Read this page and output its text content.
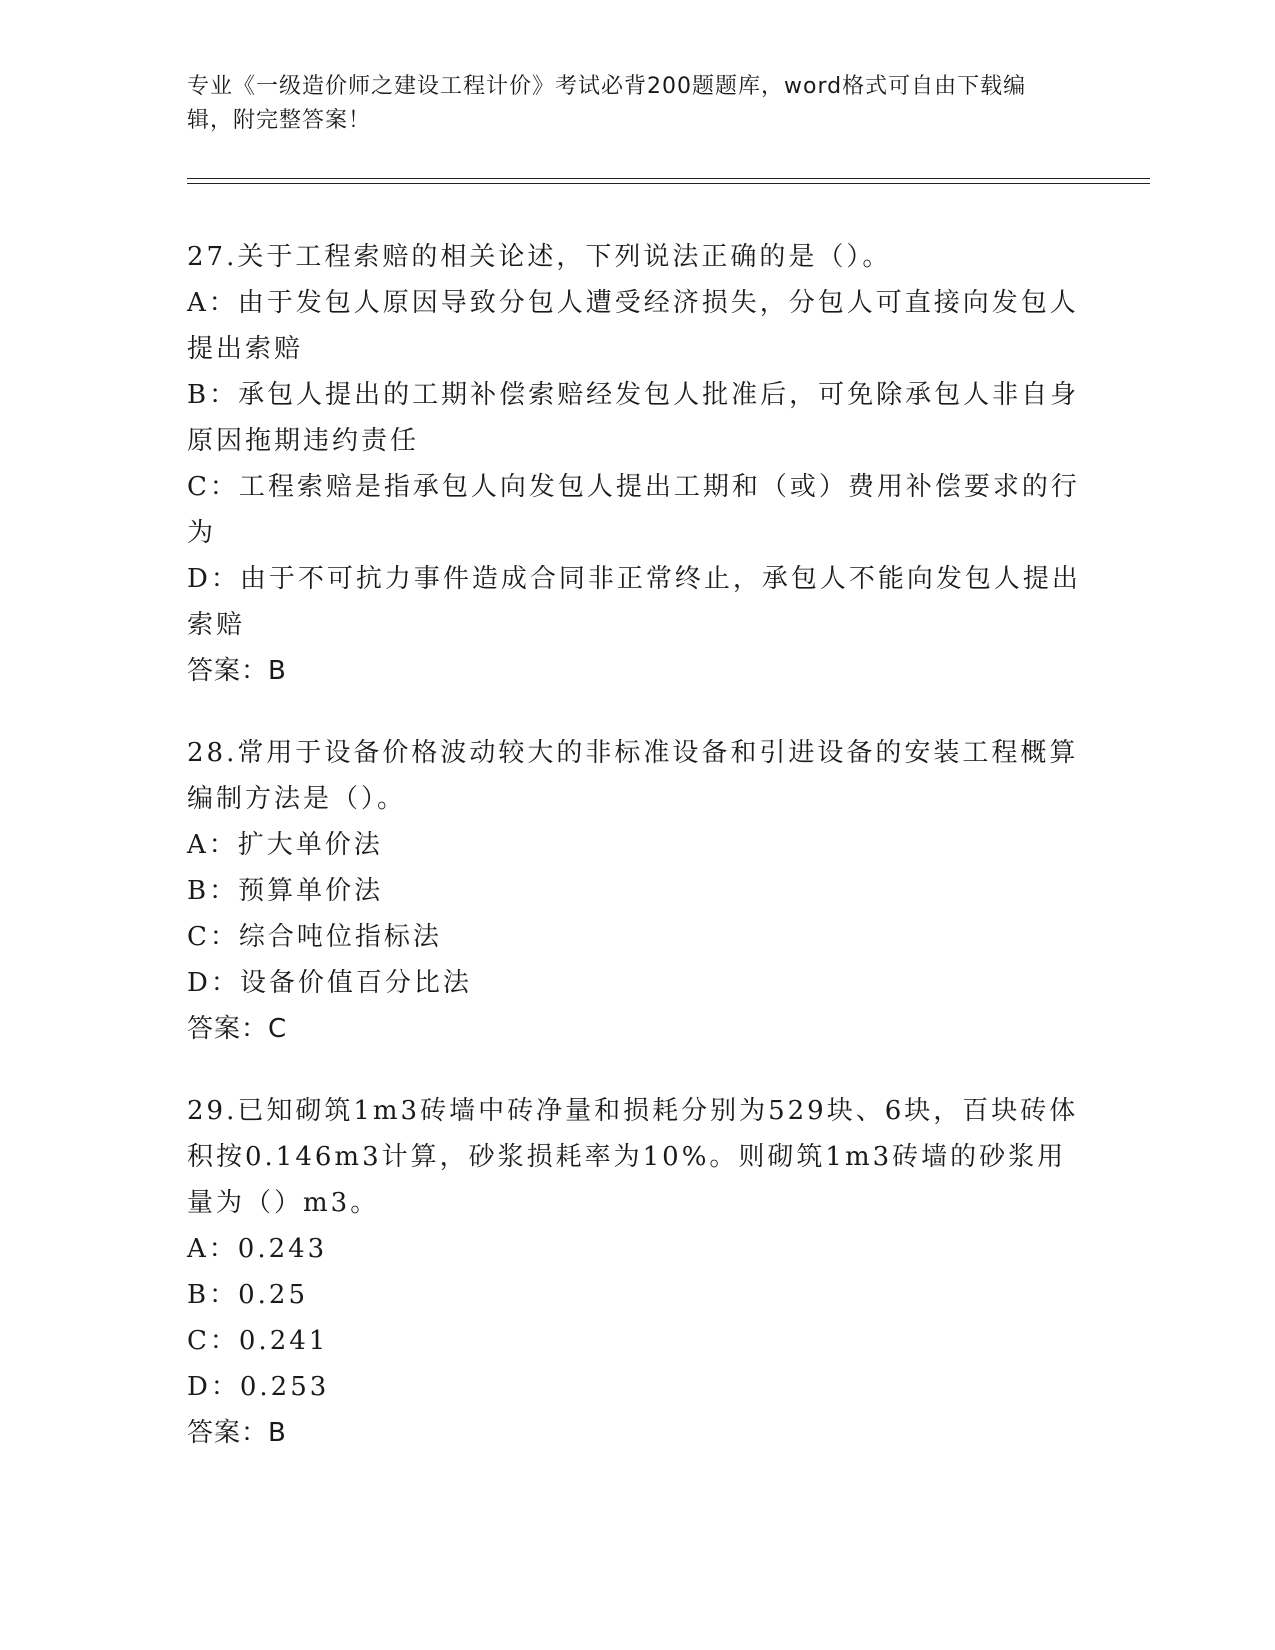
专业《一级造价师之建设工程计价》考试必背200题题库，word格式可自由下载编辑，附完整答案！

27.关于工程索赔的相关论述，下列说法正确的是（）。

A：由于发包人原因导致分包人遭受经济损失，分包人可直接向发包人提出索赔

B：承包人提出的工期补偿索赔经发包人批准后，可免除承包人非自身原因拖期违约责任

C：工程索赔是指承包人向发包人提出工期和（或）费用补偿要求的行为

D：由于不可抗力事件造成合同非正常终止，承包人不能向发包人提出索赔

答案：B

28.常用于设备价格波动较大的非标准设备和引进设备的安装工程概算编制方法是（）。

A：扩大单价法

B：预算单价法

C：综合吨位指标法

D：设备价值百分比法

答案：C

29.已知砌筑1m3砖墙中砖净量和损耗分别为529块、6块，百块砖体积按0.146m3计算，砂浆损耗率为10%。则砌筑1m3砖墙的砂浆用量为（）m3。

A：0.243

B：0.25

C：0.241

D：0.253

答案：B
